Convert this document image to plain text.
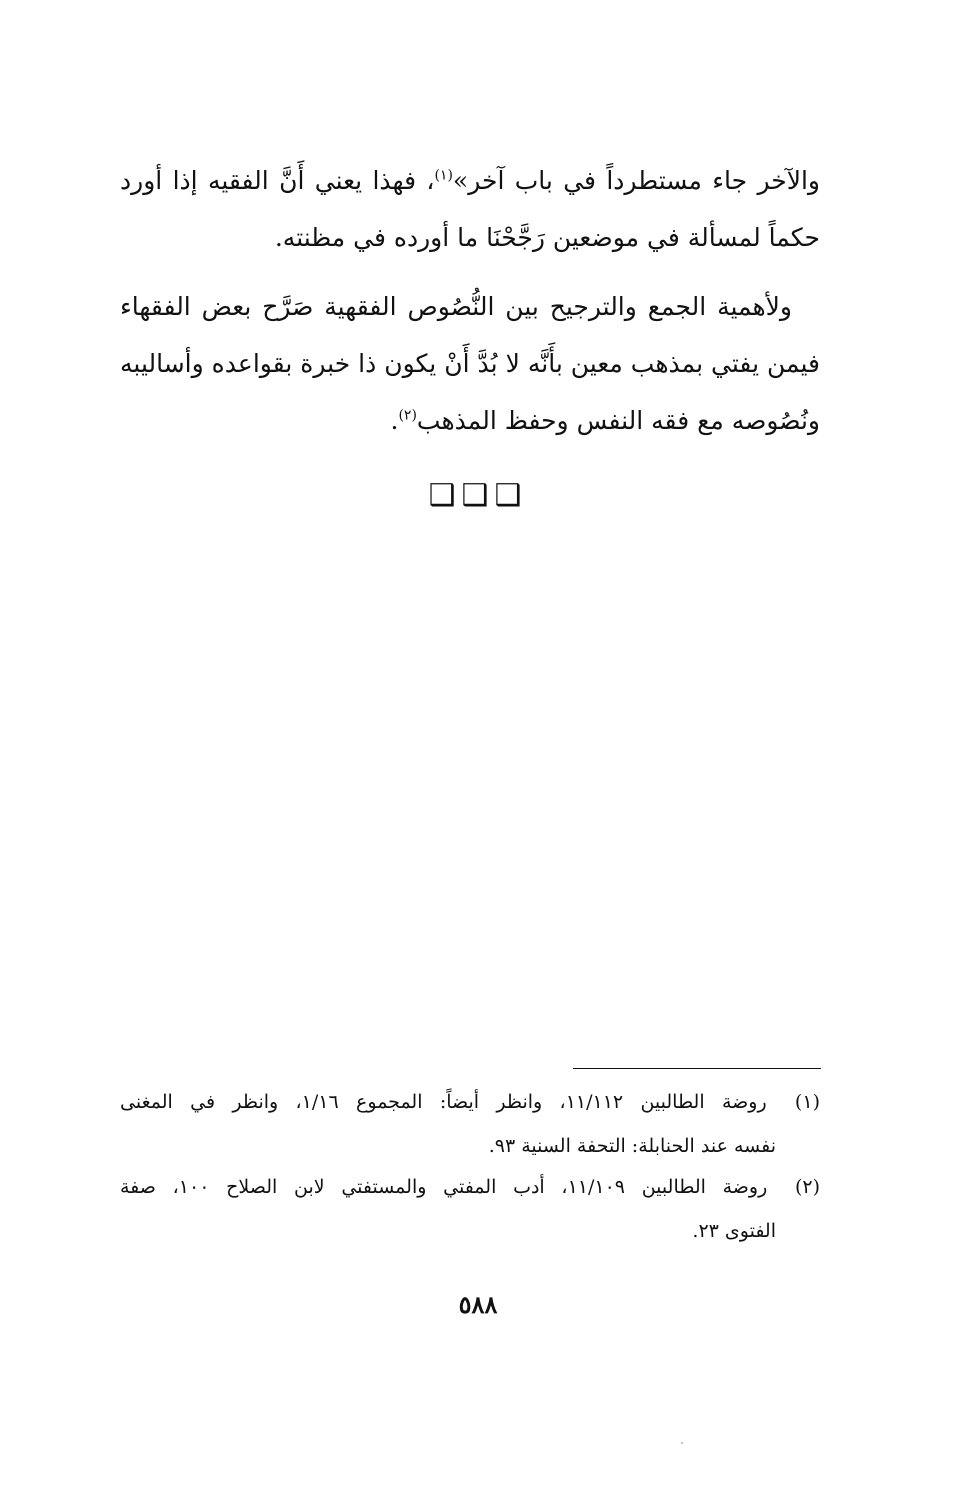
والآخر جاء مستطرداً في باب آخر»$^{(١)}$، فهذا يعني أَنَّ الفقيه إذا أورد حكماً لمسألة في موضعين رَجَّحْنَا ما أورده في مظنته.

ولأهمية الجمع والترجيح بين النُّصُوص الفقهية صَرَّح بعض الفقهاء فيمن يفتي بمذهب معين بأَنَّه لا بُدَّ أَنْ يكون ذا خبرة بقواعده وأساليبه ونُصُوصه مع فقه النفس وحفظ المذهب$^{(٢)}$.

❑❑❑
(١) روضة الطالبين ١١/١١٢، وانظر أيضاً: المجموع ١/١٦، وانظر في المغنى
نفسه عند الحنابلة: التحفة السنية ٩٣.
(٢) روضة الطالبين ١١/١٠٩، أدب المفتي والمستفتي لابن الصلاح ١٠٠، صفة
الفتوى ٢٣.
٥٨٨
